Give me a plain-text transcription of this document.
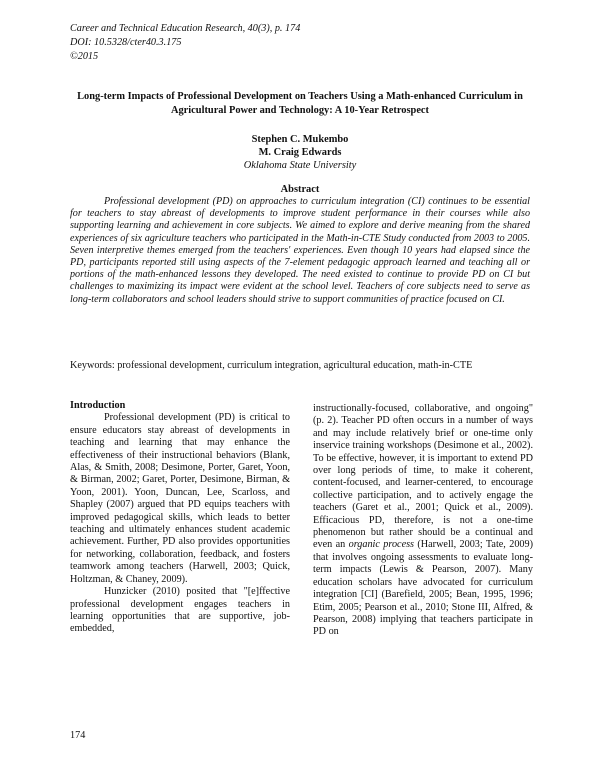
Career and Technical Education Research, 40(3), p. 174
DOI: 10.5328/cter40.3.175
©2015
Long-term Impacts of Professional Development on Teachers Using a Math-enhanced Curriculum in Agricultural Power and Technology: A 10-Year Retrospect
Stephen C. Mukembo
M. Craig Edwards
Oklahoma State University
Abstract

Professional development (PD) on approaches to curriculum integration (CI) continues to be essential for teachers to stay abreast of developments to improve student performance in their courses while also supporting learning and achievement in core subjects. We aimed to explore and derive meaning from the shared experiences of six agriculture teachers who participated in the Math-in-CTE Study conducted from 2003 to 2005. Seven interpretive themes emerged from the teachers' experiences. Even though 10 years had elapsed since the PD, participants reported still using aspects of the 7-element pedagogic approach learned and teaching all or portions of the math-enhanced lessons they developed. The need existed to continue to provide PD on CI but challenges to maximizing its impact were evident at the school level. Teachers of core subjects need to serve as long-term collaborators and school leaders should strive to support communities of practice focused on CI.

Keywords: professional development, curriculum integration, agricultural education, math-in-CTE

Introduction

Professional development (PD) is critical to ensure educators stay abreast of developments in teaching and learning that may enhance the effectiveness of their instructional behaviors (Blank, Alas, & Smith, 2008; Desimone, Porter, Garet, Yoon, & Birman, 2002; Garet, Porter, Desimone, Birman, & Yoon, 2001). Yoon, Duncan, Lee, Scarloss, and Shapley (2007) argued that PD equips teachers with improved pedagogical skills, which leads to better teaching and ultimately enhances student academic achievement. Further, PD also provides opportunities for networking, collaboration, feedback, and fosters teamwork among teachers (Harwell, 2003; Quick, Holtzman, & Chaney, 2009).

Hunzicker (2010) posited that "[e]ffective professional development engages teachers in learning opportunities that are supportive, job-embedded,

instructionally-focused, collaborative, and ongoing" (p. 2). Teacher PD often occurs in a number of ways and may include relatively brief or one-time only inservice training workshops (Desimone et al., 2002). To be effective, however, it is important to extend PD over long periods of time, to make it coherent, content-focused, and learner-centered, to encourage collective participation, and to actively engage the teachers (Garet et al., 2001; Quick et al., 2009). Efficacious PD, therefore, is not a one-time phenomenon but rather should be a continual and even an organic process (Harwell, 2003; Tate, 2009) that involves ongoing assessments to evaluate long-term impacts (Lewis & Pearson, 2007). Many education scholars have advocated for curriculum integration [CI] (Barefield, 2005; Bean, 1995, 1996; Etim, 2005; Pearson et al., 2010; Stone III, Alfred, & Pearson, 2008) implying that teachers participate in PD on

174
